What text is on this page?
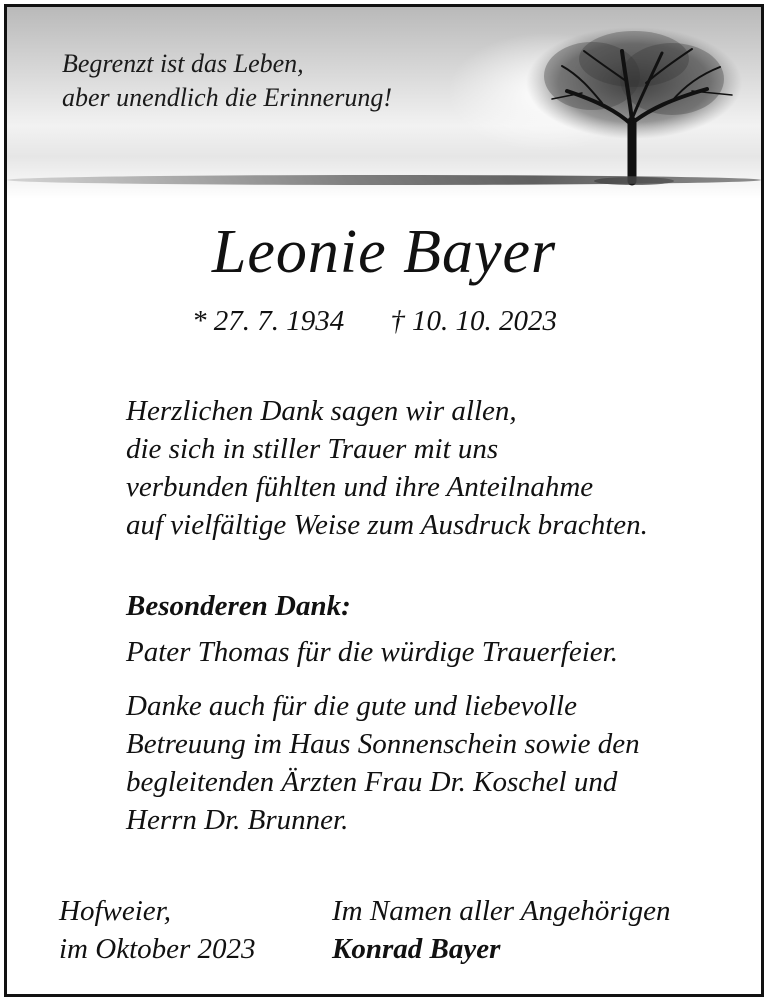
Begrenzt ist das Leben,
aber unendlich die Erinnerung!
Leonie Bayer
* 27. 7. 1934 † 10. 10. 2023
Herzlichen Dank sagen wir allen,
die sich in stiller Trauer mit uns
verbunden fühlten und ihre Anteilnahme
auf vielfältige Weise zum Ausdruck brachten.
Besonderen Dank:
Pater Thomas für die würdige Trauerfeier.
Danke auch für die gute und liebevolle
Betreuung im Haus Sonnenschein sowie den
begleitenden Ärzten Frau Dr. Koschel und
Herrn Dr. Brunner.
Hofweier,
im Oktober 2023
Im Namen aller Angehörigen
Konrad Bayer
